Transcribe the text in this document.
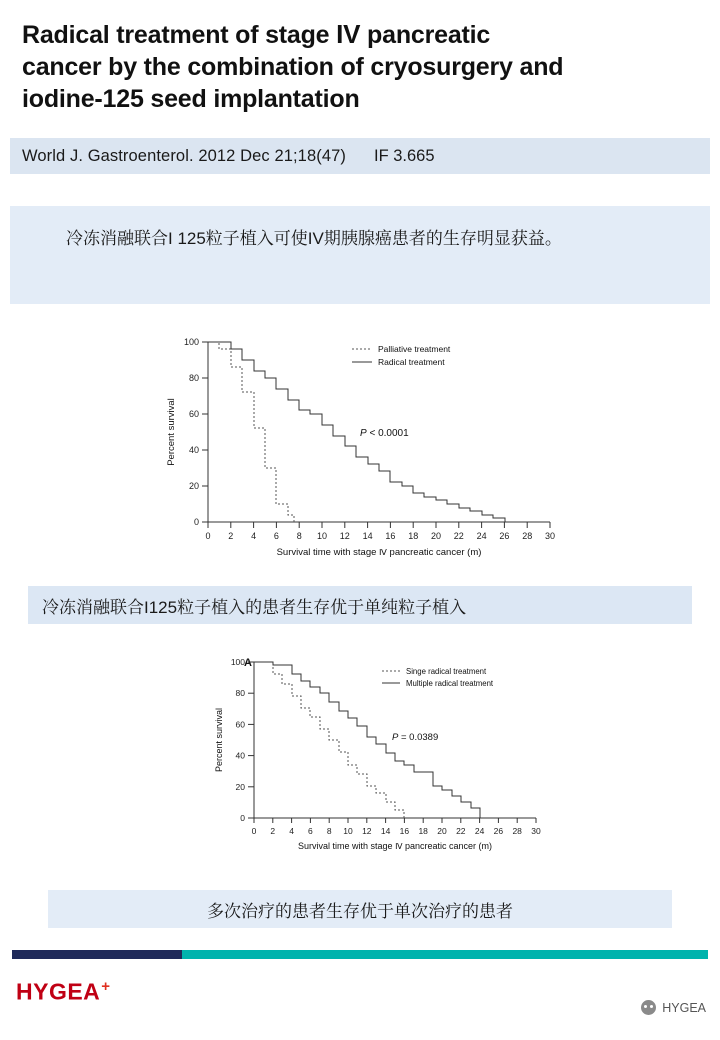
Radical treatment of stage IV pancreatic
cancer by the combination of cryosurgery and
iodine-125 seed implantation
World J. Gastroenterol. 2012 Dec 21;18(47) IF 3.665

冷冻消融联合I 125粒子植入可使IV期胰腺癌患者的生存明显获益。

0
20
40
60
80
100
0 2 4 6 8 10 12 14 16 18 20 22 24 26 28 30
Survival time with stage Ⅳ pancreatic cancer (m)
Percent survival
Palliative treatment
Radical treatment
P < 0.0001
冷冻消融联合I125粒子植入的患者生存优于单纯粒子植入
A
0
20
40
60
80
100
0 2 4 6 8 10 12 14 16 18 20 22 24 26 28 30
Survival time with stage Ⅳ pancreatic cancer (m)
Percent survival
Singe radical treatment
Multiple radical treatment
P = 0.0389
多次治疗的患者生存优于单次治疗的患者
HYGEA+
HYGEA
